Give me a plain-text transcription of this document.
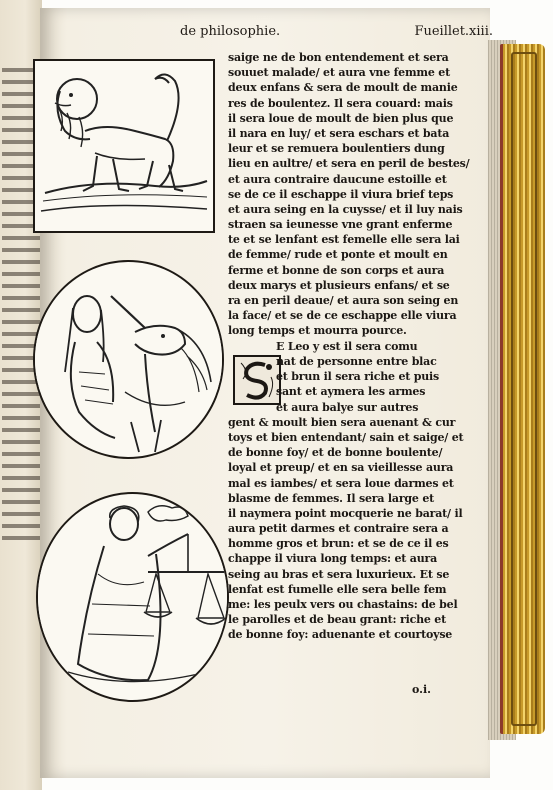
de philosophie.	Fueillet.xiii.
saige ne de bon entendement et sera
souuet malade/ et aura vne femme et
deux enfans & sera de moult de manie
res de boulentez. Il sera couard: mais
il sera loue de moult de bien plus que
il nara en luy/ et sera eschars et bata
leur et se remuera boulentiers dung
lieu en aultre/ et sera en peril de bestes/
et aura contraire daucune estoille et
se de ce il eschappe il viura brief teps
et aura seing en la cuysse/ et il luy nais
straen sa ieunesse vne grant enferme
te et se lenfant est femelle elle sera lai
de femme/ rude et ponte et moult en
ferme et bonne de son corps et aura
deux marys et plusieurs enfans/ et se
ra en peril deaue/ et aura son seing en
la face/ et se de ce eschappe elle viura
long temps et mourra pource.
E Leo y est il sera comu
nat de personne entre blac
et brun il sera riche et puis
sant et aymera les armes
et aura balye sur autres
gent & moult bien sera auenant & cur
toys et bien entendant/ sain et saige/ et
de bonne foy/ et de bonne boulente/
loyal et preup/ et en sa vieillesse aura
mal es iambes/ et sera loue darmes et
blasme de femmes. Il sera large et
il naymera point mocquerie ne barat/ il
aura petit darmes et contraire sera a
homme gros et brun: et se de ce il es
chappe il viura long temps: et aura
seing au bras et sera luxurieux. Et se
lenfat est fumelle elle sera belle fem
me: les peulx vers ou chastains: de bel
le parolles et de beau grant: riche et
de bonne foy: aduenante et courtoyse
o.i.
